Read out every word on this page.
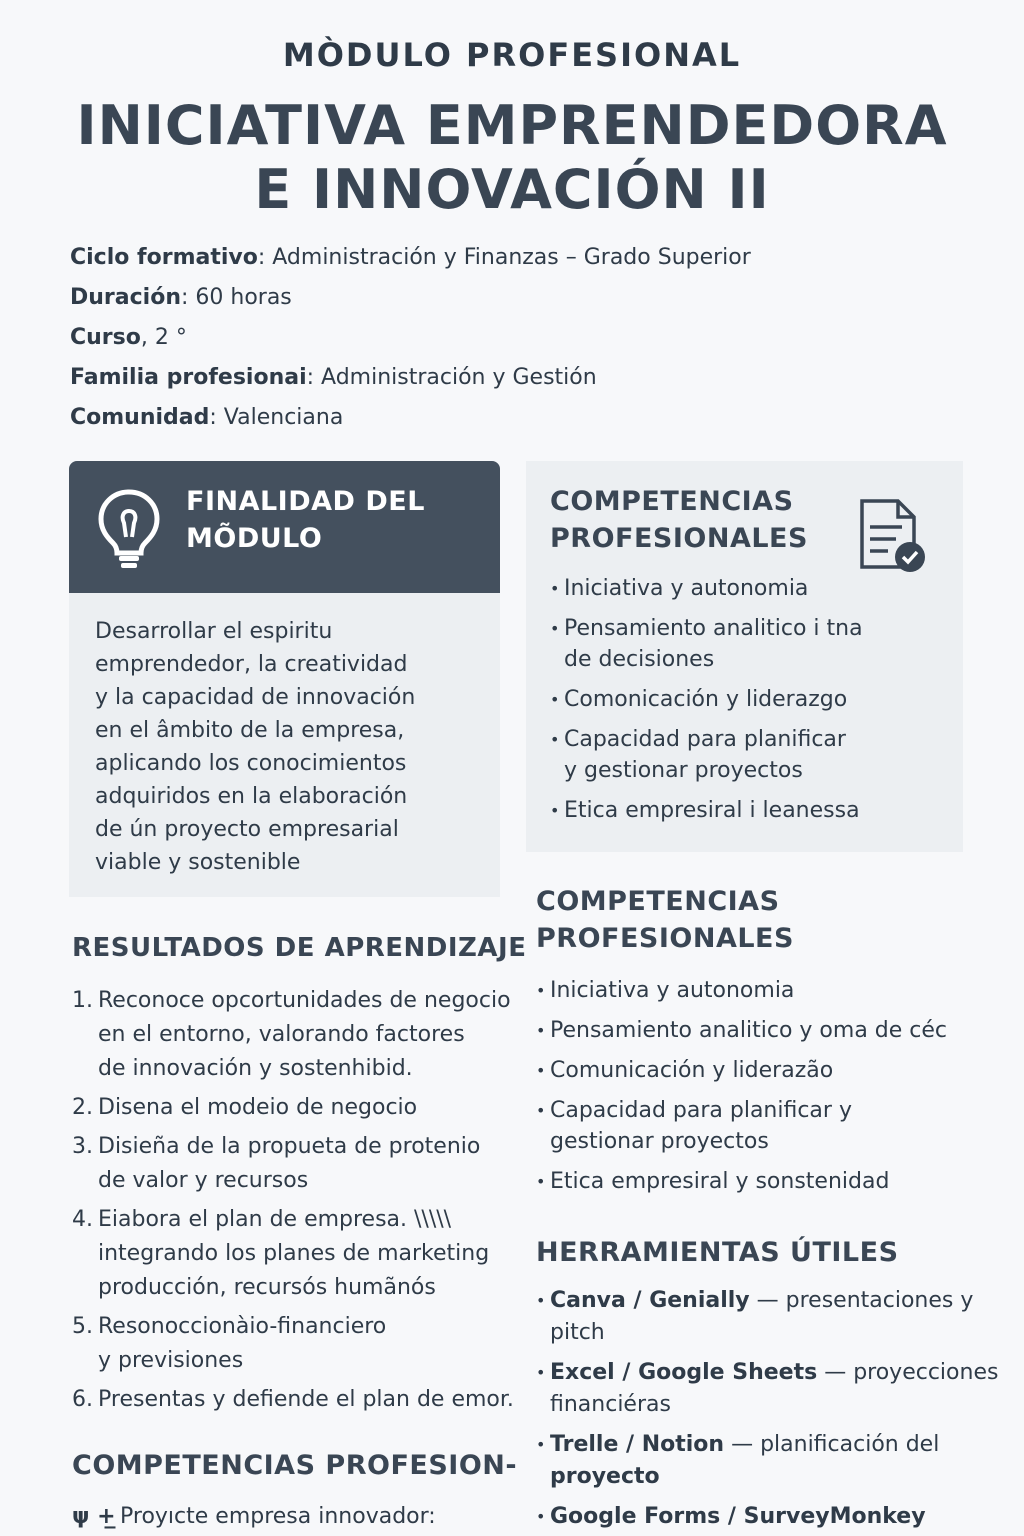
MÒDULO PROFESIONAL
INICIATIVA EMPRENDEDORA
E INNOVACIÓN II
Ciclo formativo: Administración y Finanzas – Grado Superior
Duración: 60 horas
Curso, 2 °
Familia profesionai: Administración y Gestión
Comunidad: Valenciana
FINALIDAD DEL
MÕDULO
Desarrollar el espiritu
emprendedor, la creatividad
y la capacidad de innovación
en el âmbito de la empresa,
aplicando los conocimientos
adquiridos en la elaboración
de ún proyecto empresarial
viable y sostenible
COMPETENCIAS
PROFESIONALES
• Iniciativa y autonomia
• Pensamiento analitico i tna
de decisiones
• Comonicación y liderazgo
• Capacidad para planificar
y gestionar proyectos
• Etica empresiral i leanessa
RESULTADOS DE APRENDIZAJE
1. Reconoce opcortunidades de negocio
en el entorno, valorando factores
de innovación y sostenhibid.
2. Disena el modeio de negocio
3. Disieña de la propueta de protenio
de valor y recursos
4. Eiabora el plan de empresa. \\\\\
integrando los planes de marketing
producción, recursós humãnós
5. Resonoccionàio-financiero
y previsiones
6. Presentas y defiende el plan de emor.
COMPETENCIAS PROFESION-
ψ +̲ Proyıcte empresa innovador:
COMPETENCIAS
PROFESIONALES
• Iniciativa y autonomia
• Pensamiento analitico y oma de céc
• Comunicación y liderazão
• Capacidad para planificar y
gestionar proyectos
• Etica empresiral y sonstenidad
HERRAMIENTAS ÚTILES
• Canva / Genially — presentaciones y
pitch
• Excel / Google Sheets — proyecciones
financiéras
• Trelle / Notion — planificación del
proyecto
• Google Forms / SurveyMonkey
